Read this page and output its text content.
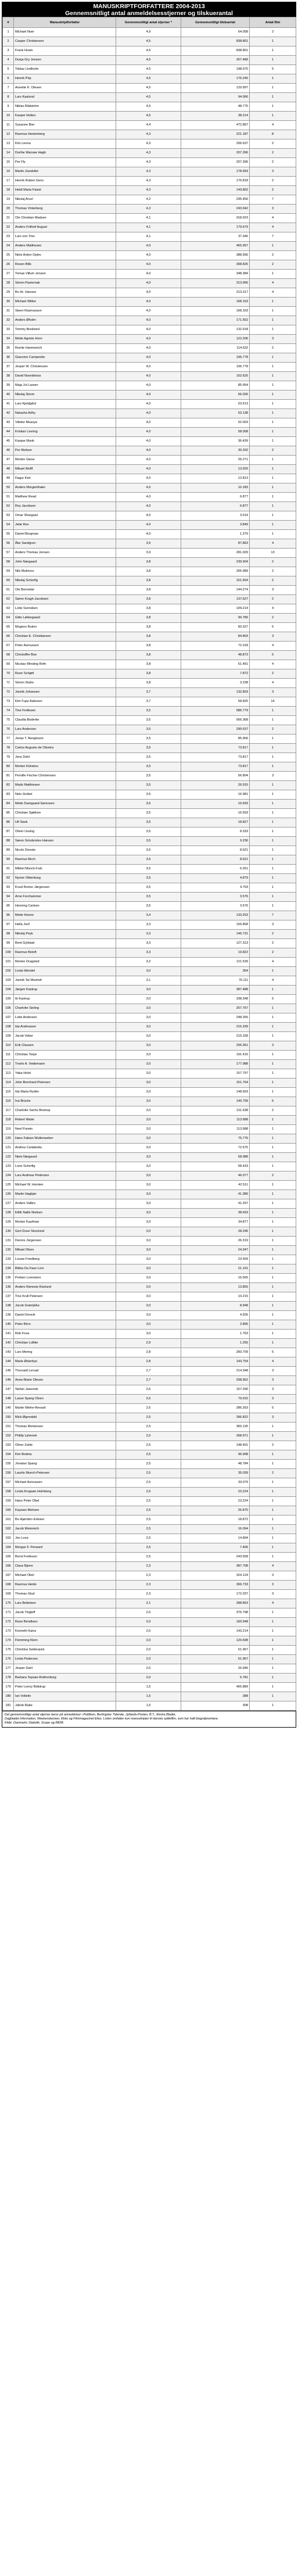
MANUSKRIPTFORFATTERE 2004-2013
Gennemsnitligt antal anmeldelsesstjerner og tilskuerantal
#	Manuskriptforfatter	Gennemsnitligt antal stjerner *	Gennemsnitligt tilskuertal	Antal film
1	Michael Noer	4,9	64.058	2
2	Casper Christensen	4,5	838.801	1
3	Frank Hvam	4,5	838.801	1
4	Dunja Gry Jensen	4,5	267.489	1
5	Tobias Lindholm	4,5	198.970	5
6	Henrik Prip	4,5	176.245	1
7	Annette K. Olesen	4,5	129.997	1
8	Lars Kaalund	4,5	94.066	1
9	Niklas Rådström	4,5	48.775	1
10	Kasper Holten	4,5	38.214	1
11	Susanne Bier	4,4	472.897	4
12	Rasmus Heisterberg	4,3	221.187	8
13	Kim Leona	4,3	206.637	2
14	Dorthe Warnøe Høgh	4,3	207.396	2
15	Per Fly	4,3	207.396	2
16	Martin Zandvliet	4,3	178.993	3
17	Henrik Ruben Genz	4,3	176.818	2
18	Heidi Maria Faisst	4,3	143.802	2
19	Nikolaj Arcel	4,2	295.456	7
20	Thomas Vinterberg	4,2	243.942	3
21	Ole Christian Madsen	4,1	318.023	4
22	Anders Frithiof August	4,1	179.679	4
23	Lars von Trier	4,1	37.346	7
24	Anders Matthesen	4,0	465.957	1
25	Niels Arden Oplev	4,0	388.566	2
26	Rosen Bills	4,0	308.826	2
27	Tomas Villum Jensen	4,0	348.384	1
28	Simon Pasternak	4,0	313.966	4
29	Bo Hr. Hansen	4,0	213.317	4
30	Michael Wikke	4,0	168.163	1
31	Steen Rasmussen	4,0	168.163	1
32	Anders Øholm	4,0	171.552	1
33	Tommy Bredsted	4,0	132.918	1
34	Mette Agnete Horn	4,0	122.206	3
35	Rumle Hammerich	4,0	114.532	2
36	Giacomo Campeotto	4,0	106.778	1
37	Jesper W. Christensen	4,0	106.778	1
38	David Noordeloos	4,0	102.625	1
39	Maja Jul Larsen	4,0	85.954	1
40	Nikolaj Storm	4,0	56.026	1
41	Lars Kjeldgård	4,0	53.513	1
42	Natasha Arthy	4,0	53.138	1
43	Vibeke Muasya	4,0	52.003	1
44	Kristian Levring	4,0	58.008	1
45	Kaspar Munk	4,0	36.439	1
46	Per Nielsen	4,0	30.332	2
47	Morten Giese	4,0	26.271	1
48	Mikael Wulff	4,0	13.925	1
49	Dagur Kári	4,0	12.813	1
50	Anders Morgenthaler	4,0	10.183	1
51	Matthew Read	4,0	6.877	1
52	Roy Jacobsen	4,0	6.877	1
53	Omar Shargawi	4,0	3.519	1
54	Jette Rex	4,0	3.849	1
55	Daniel Borgman	4,0	1.379	1
56	Åke Sandgren	3,9	87.863	4
57	Anders Thomas Jensen	3,9	281.029	13
58	John Nørgaard	3,8	239.904	2
59	Nils Malmros	3,8	265.989	2
60	Nikolaj Scherfig	3,8	151.654	2
61	Ole Bornedal	3,8	144.274	3
62	Søren Kragh-Jacobsen	3,8	137.627	2
63	Lotte Svendsen	3,8	109.214	4
64	Gitte Løkkegaard	3,8	90.780	2
65	Mogens Rukov	3,8	83.327	5
66	Christian E. Christiansen	3,8	84.803	3
67	Peter Asmussen	3,8	72.318	4
68	Christoffer Boe	3,8	48.873	5
69	Nicolas Winding Refn	3,8	61.491	4
70	Rune Schjøtt	3,8	7.872	2
71	Simon Staho	3,8	3.238	4
72	Jannik Johansen	3,7	132.803	3
73	Kim Fupz Aakeson	3,7	58.825	14
74	Tine Frellesen	3,5	586.779	1
75	Claudia Boderke	3,5	566.368	1
76	Lars Andersen	3,5	290.637	2
77	Jonas T. Bengtsson	3,5	85.956	1
78	Carlos Augusto de Oliveira	3,5	73.817	1
79	Jens Dahl	3,5	73.817	1
80	Morten Kirkskov	3,5	73.817	1
81	Pernille Fischer Christensen	3,5	56.804	3
82	Mads Matthiesen	3,5	26.915	1
83	Nels Grübel	3,5	16.981	1
84	Mette Damgaard-Sørensen	3,5	16.593	1
85	Christian Sjøblom	3,5	16.593	1
86	Ulf Stark	3,5	18.827	1
87	Oliver Ussing	3,5	8.333	1
88	Søren Grinderslev Hansen	3,5	9.236	1
89	Nicolo Donato	3,5	8.621	1
90	Rasmus Birch	3,5	8.621	1
91	Mikkel Munch-Fals	3,5	6.261	1
92	Nynne Oldenburg	3,5	4.879	1
93	Knud Romer Jørgensen	3,5	4.793	1
94	Arne Forchammer	3,5	3.576	1
95	Henning Carlsen	3,5	3.576	1
96	Mette Heeno	3,4	133.253	7
97	Hella Joof	3,3	156.858	3
98	Nikolaj Peyk	3,3	146.731	2
99	Bent Gyllstad	3,3	127.313	2
100	Rasmus Botoft	3,3	19.822	2
101	Morten Dragsted	3,2	121.539	4
102	Linda Wendel	3,0	364	1
103	Jannik Tai Mosholt	3,1	76.111	4
104	Jørgen Kastrup	3,0	387.488	1
105	Ib Kastrup	3,0	338.348	5
106	Charlotte Sieling	3,0	257.767	1
107	Lotte Andersen	3,0	248.265	1
108	Ida Andreasen	3,0	215.339	1
109	Jacob Veber	3,0	215.339	1
110	Erik Clausen	3,0	206.361	3
111	Christian Torpe	3,0	191.415	1
112	Troels A. Veidemann	3,0	177.988	1
113	Yaba Holst	3,0	157.797	1
114	John Bernhard Petersen	3,0	151.764	1
115	Ida Maria Rydén	3,0	148.603	1
116	Ina Brücke	3,0	140.709	6
117	Charlotte Sachs Bostrup	3,0	131.638	2
118	Robert Wade	3,0	113.688	1
119	Neel Purwin	3,0	113.688	1
120	Hans Fabian Wullenweber	3,0	75.776	1
121	Andrea Cartabetta	3,0	72.575	1
122	Niels Nørgaard	3,0	58.988	1
123	Lone Scherfig	3,0	58.433	1
124	Lars Andreas Pedersen	3,0	46.077	2
125	Michael W. Horsten	3,0	42.511	1
126	Martin Hagbjer	3,0	41.380	1
127	Anders Valbro	3,0	41.297	1
128	Eilith Nølle Nielsen	3,0	38.693	1
129	Morten Kaufman	3,0	34.877	1
130	Gert Duve Skovlund	3,0	28.296	1
131	Dennis Jürgensen	3,0	26.319	1
132	Mikael Olsen	3,0	24.347	1
133	Louise Friedberg	3,0	23.509	1
134	Bibba Da Faun Levi	3,0	21.191	1
135	Preben Lorentzen	3,0	16.565	1
136	Anders Rønnow Klarlund	3,0	13.855	1
137	Tine Krull Petersen	3,0	10.215	1
138	Jacob Grønlykke	3,0	8.948	1
139	Daniel Dencik	3,0	4.505	1
140	Peter Birro	3,0	2.895	1
141	Rob Fosa	3,0	1.763	1
142	Christian Lollike	2,9	1.256	1
143	Lars Mering	2,8	283.709	6
144	Marie Østerbye	2,8	143.754	4
145	Thorvald Lervad	2,7	214.348	3
146	Anne-Marie Olesen	2,7	208.952	3
147	Stefan Jaworski	2,6	157.290	3
148	Lasse Spang Olsen	2,6	79.915	3
149	Martin Miehe-Renard	2,6	286.263	5
150	Mick Øgendahl	2,5	396.822	3
151	Thomas Mortensen	2,5	360.135	1
152	Phillip Lyhenek	2,5	268.971	1
153	Oliver Zahle	2,5	148.401	2
154	Kim Bodnia	2,5	96.998	1
155	Jonatan Spang	2,5	48.784	1
156	Laurits Munch-Petersen	2,5	35.039	2
157	Michael Asmussen	2,5	33.079	1
158	Linda Krogsøe Holmberg	2,5	23.224	1
159	Hans Peter Obel	2,5	23.224	1
160	Kaywan Mohsen	2,5	26.870	1
161	Bo Hjørnbro Eriksen	2,5	18.872	1
162	Jacob Weinreich	2,5	16.094	1
163	Jon Lova	2,5	14.894	1
164	Morgan F. Perward	2,5	7.405	1
165	Bernt Frellesen	2,5	243.558	1
166	Claus Bjerre	2,3	387.708	4
167	Michael Obel	2,3	324.124	3
168	Rasmus Heide	2,3	306.733	3
169	Thomas Glud	2,3	172.297	3
170	Lars Bettelsen	2,1	398.853	4
171	Jacob Tingleff	2,0	376.798	1
172	Rune Bendtsen	2,0	160.948	1
173	Kenneth Kainz	2,0	143.214	1
174	Flemming Klem	2,0	120.698	1
175	Christina Søderqvist	2,0	61.967	1
176	Linda Pedersen	2,0	61.967	1
177	Jesper Dahl	2,0	26.946	1
178	Barbara Topsøe-Rothenborg	2,0	5.781	1
179	Peter Lenny Bidstrup	1,5	465.889	1
180	Ian Voltelin	1,5	388	1
181	Jakob Rabe	1,5	308	1
Det gennemsnitlige antal stjerner beror på anmeldelser i Politiken, Berlingske Tidende, Jyllands-Posten, B.T., Ekstra Bladet,
Dagbladet Information, Weekendavisen, Ekko og Filmmagasinet Ekko. Listen omfatter kun manuskripter til danske spillefilm, som har haft biografpremiere.
Kilde: Danmarks Statistik, Scope og IMDB.
